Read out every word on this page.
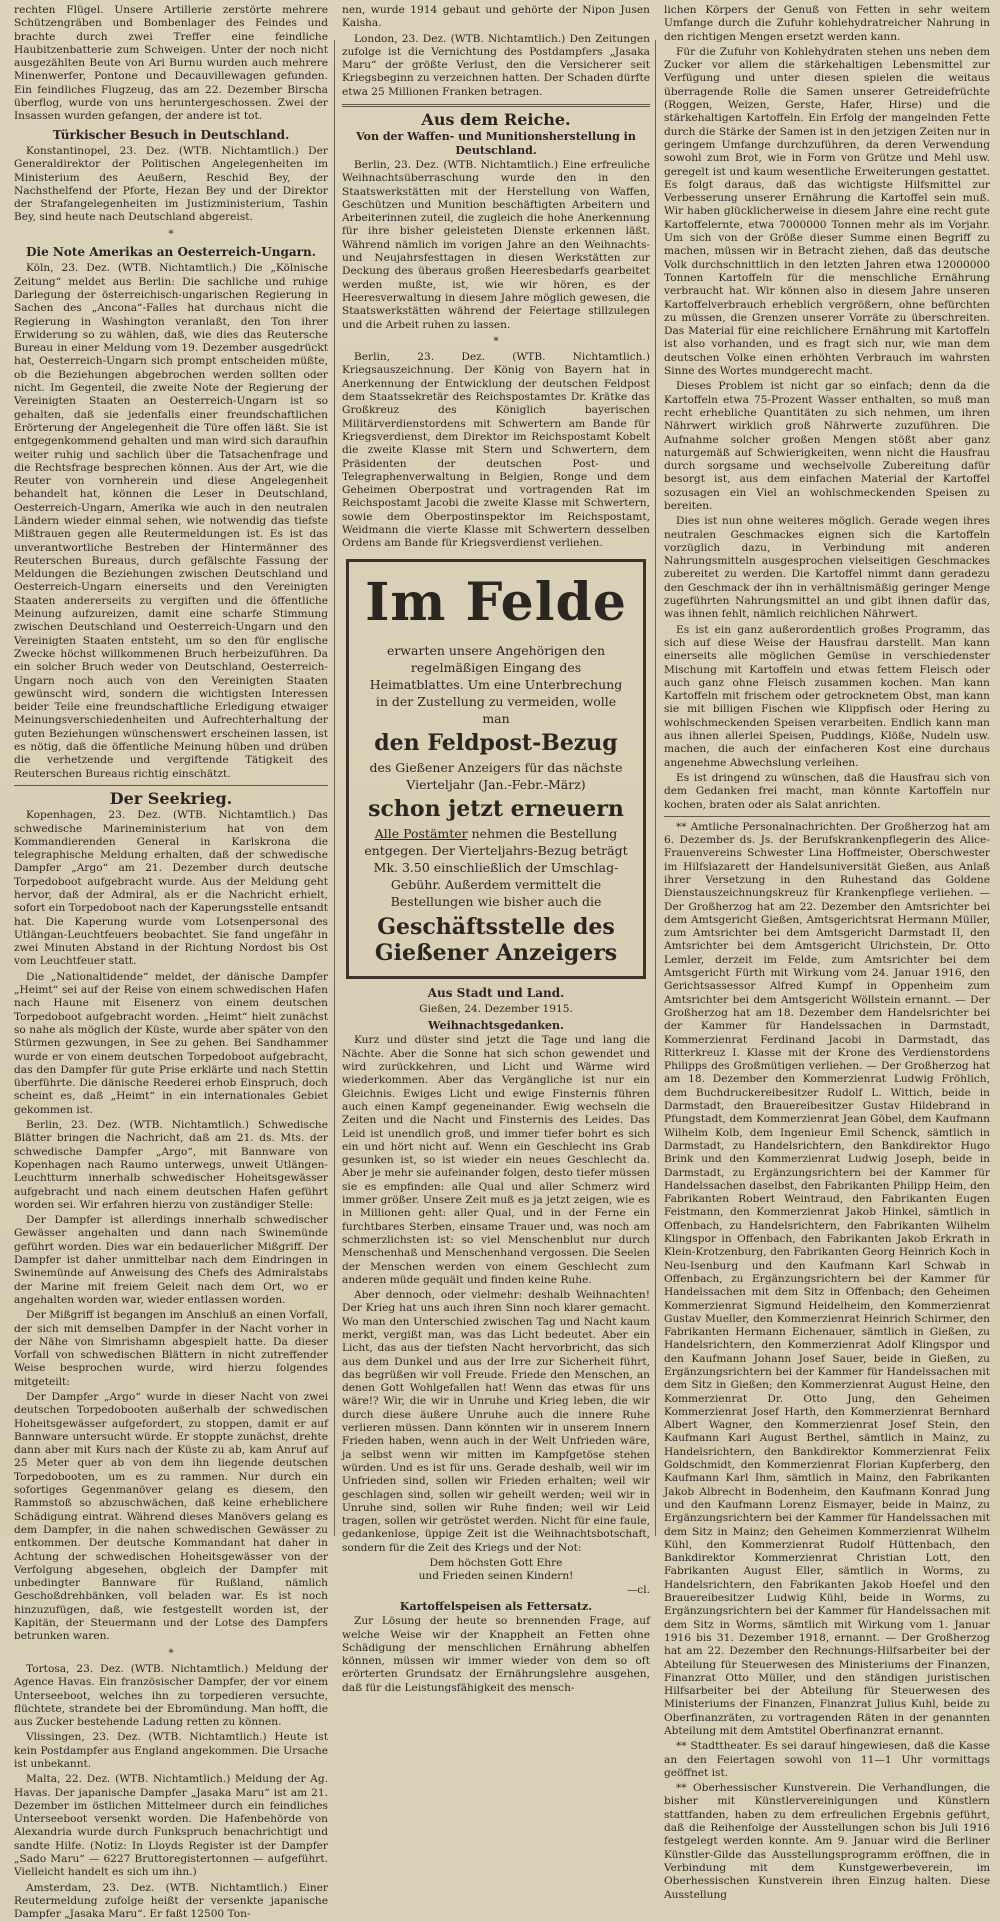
rechten Flügel. Unsere Artillerie zerstörte mehrere Schützengräben und Bombenlager des Feindes und brachte durch zwei Treffer eine feindliche Haubitzenbatterie zum Schweigen. Unter der noch nicht ausgezählten Beute von Ari Burnu wurden auch mehrere Minenwerfer, Pontone und Decauvillewagen gefunden. Ein feindliches Flugzeug, das am 22. Dezember Birscha überflog, wurde von uns heruntergeschossen. Zwei der Insassen wurden gefangen, der andere ist tot.

Türkischer Besuch in Deutschland.

Konstantinopel, 23. Dez. (WTB. Nichtamtlich.) Der Generaldirektor der Politischen Angelegenheiten im Ministerium des Aeußern, Reschid Bey, der Nachsthelfend der Pforte, Hezan Bey und der Direktor der Strafangelegenheiten im Justizministerium, Tashin Bey, sind heute nach Deutschland abgereist.

*
Die Note Amerikas an Oesterreich-Ungarn.

Köln, 23. Dez. (WTB. Nichtamtlich.) Die „Kölnische Zeitung“ meldet aus Berlin: Die sachliche und ruhige Darlegung der österreichisch-ungarischen Regierung in Sachen des „Ancona“-Falles hat durchaus nicht die Regierung in Washington veranlaßt, den Ton ihrer Erwiderung so zu wählen, daß, wie dies das Reutersche Bureau in einer Meldung vom 19. Dezember ausgedrückt hat, Oesterreich-Ungarn sich prompt entscheiden müßte, ob die Beziehungen abgebrochen werden sollten oder nicht. Im Gegenteil, die zweite Note der Regierung der Vereinigten Staaten an Oesterreich-Ungarn ist so gehalten, daß sie jedenfalls einer freundschaftlichen Erörterung der Angelegenheit die Türe offen läßt. Sie ist entgegenkommend gehalten und man wird sich daraufhin weiter ruhig und sachlich über die Tatsachenfrage und die Rechtsfrage besprechen können. Aus der Art, wie die Reuter von vornherein und diese Angelegenheit behandelt hat, können die Leser in Deutschland, Oesterreich-Ungarn, Amerika wie auch in den neutralen Ländern wieder einmal sehen, wie notwendig das tiefste Mißtrauen gegen alle Reutermeldungen ist. Es ist das unverantwortliche Bestreben der Hintermänner des Reuterschen Bureaus, durch gefälschte Fassung der Meldungen die Beziehungen zwischen Deutschland und Oesterreich-Ungarn einerseits und den Vereinigten Staaten andererseits zu vergiften und die öffentliche Meinung aufzureizen, damit eine scharfe Stimmung zwischen Deutschland und Oesterreich-Ungarn und den Vereinigten Staaten entsteht, um so den für englische Zwecke höchst willkommenen Bruch herbeizuführen. Da ein solcher Bruch weder von Deutschland, Oesterreich-Ungarn noch auch von den Vereinigten Staaten gewünscht wird, sondern die wichtigsten Interessen beider Teile eine freundschaftliche Erledigung etwaiger Meinungsverschiedenheiten und Aufrechterhaltung der guten Beziehungen wünschenswert erscheinen lassen, ist es nötig, daß die öffentliche Meinung hüben und drüben die verhetzende und vergiftende Tätigkeit des Reuterschen Bureaus richtig einschätzt.

Der Seekrieg.

Kopenhagen, 23. Dez. (WTB. Nichtamtlich.) Das schwedische Marineministerium hat von dem Kommandierenden General in Karlskrona die telegraphische Meldung erhalten, daß der schwedische Dampfer „Argo“ am 21. Dezember durch deutsche Torpedoboot aufgebracht wurde. Aus der Meldung geht hervor, daß der Admiral, als er die Nachricht erhielt, sofort ein Torpedoboot nach der Kaperungsstelle entsandt hat. Die Kaperung wurde vom Lotsenpersonal des Utlängan-Leuchtfeuers beobachtet. Sie fand ungefähr in zwei Minuten Abstand in der Richtung Nordost bis Ost vom Leuchtfeuer statt.

Die „Nationaltidende“ meldet, der dänische Dampfer „Heimt“ sei auf der Reise von einem schwedischen Hafen nach Haune mit Eisenerz von einem deutschen Torpedoboot aufgebracht worden. „Heimt“ hielt zunächst so nahe als möglich der Küste, wurde aber später von den Stürmen gezwungen, in See zu gehen. Bei Sandhammer wurde er von einem deutschen Torpedoboot aufgebracht, das den Dampfer für gute Prise erklärte und nach Stettin überführte. Die dänische Reederei erhob Einspruch, doch scheint es, daß „Heimt“ in ein internationales Gebiet gekommen ist.

Berlin, 23. Dez. (WTB. Nichtamtlich.) Schwedische Blätter bringen die Nachricht, daß am 21. ds. Mts. der schwedische Dampfer „Argo“, mit Bannware von Kopenhagen nach Raumo unterwegs, unweit Utlängen-Leuchtturm innerhalb schwedischer Hoheitsgewässer aufgebracht und nach einem deutschen Hafen geführt worden sei. Wir erfahren hierzu von zuständiger Stelle:

Der Dampfer ist allerdings innerhalb schwedischer Gewässer angehalten und dann nach Swinemünde geführt worden. Dies war ein bedauerlicher Mißgriff. Der Dampfer ist daher unmittelbar nach dem Eindringen in Swinemünde auf Anweisung des Chefs des Admiralstabs der Marine mit freiem Geleit nach dem Ort, wo er angehalten worden war, wieder entlassen worden.

Der Mißgriff ist begangen im Anschluß an einen Vorfall, der sich mit demselben Dampfer in der Nacht vorher in der Nähe von Simrishamn abgespielt hatte. Da dieser Vorfall von schwedischen Blättern in nicht zutreffender Weise besprochen wurde, wird hierzu folgendes mitgeteilt:

Der Dampfer „Argo“ wurde in dieser Nacht von zwei deutschen Torpedobooten außerhalb der schwedischen Hoheitsgewässer aufgefordert, zu stoppen, damit er auf Bannware untersucht würde. Er stoppte zunächst, drehte dann aber mit Kurs nach der Küste zu ab, kam Anruf auf 25 Meter quer ab von dem ihn liegende deutschen Torpedobooten, um es zu rammen. Nur durch ein sofortiges Gegenmanöver gelang es diesem, den Rammstoß so abzuschwächen, daß keine erheblichere Schädigung eintrat. Während dieses Manövers gelang es dem Dampfer, in die nahen schwedischen Gewässer zu entkommen. Der deutsche Kommandant hat daher in Achtung der schwedischen Hoheitsgewässer von der Verfolgung abgesehen, obgleich der Dampfer mit unbedingter Bannware für Rußland, nämlich Geschoßdrehbänken, voll beladen war. Es ist noch hinzuzufügen, daß, wie festgestellt worden ist, der Kapitän, der Steuermann und der Lotse des Dampfers betrunken waren.

*

Tortosa, 23. Dez. (WTB. Nichtamtlich.) Meldung der Agence Havas. Ein französischer Dampfer, der vor einem Unterseeboot, welches ihn zu torpedieren versuchte, flüchtete, strandete bei der Ebromündung. Man hofft, die aus Zucker bestehende Ladung retten zu können.

Vlissingen, 23. Dez. (WTB. Nichtamtlich.) Heute ist kein Postdampfer aus England angekommen. Die Ursache ist unbekannt.

Malta, 22. Dez. (WTB. Nichtamtlich.) Meldung der Ag. Havas. Der japanische Dampfer „Jasaka Maru“ ist am 21. Dezember im östlichen Mittelmeer durch ein feindliches Unterseeboot versenkt worden. Die Hafenbehörde von Alexandria wurde durch Funkspruch benachrichtigt und sandte Hilfe. (Notiz: In Lloyds Register ist der Dampfer „Sado Maru“ — 6227 Bruttoregistertonnen — aufgeführt. Vielleicht handelt es sich um ihn.)

Amsterdam, 23. Dez. (WTB. Nichtamtlich.) Einer Reutermeldung zufolge heißt der versenkte japanische Dampfer „Jasaka Maru“. Er faßt 12500 Ton-

nen, wurde 1914 gebaut und gehörte der Nipon Jusen Kaisha.

London, 23. Dez. (WTB. Nichtamtlich.) Den Zeitungen zufolge ist die Vernichtung des Postdampfers „Jasaka Maru“ der größte Verlust, den die Versicherer seit Kriegsbeginn zu verzeichnen hatten. Der Schaden dürfte etwa 25 Millionen Franken betragen.

Aus dem Reiche.
Von der Waffen- und Munitionsherstellung in Deutschland.

Berlin, 23. Dez. (WTB. Nichtamtlich.) Eine erfreuliche Weihnachtsüberraschung wurde den in den Staatswerkstätten mit der Herstellung von Waffen, Geschützen und Munition beschäftigten Arbeitern und Arbeiterinnen zuteil, die zugleich die hohe Anerkennung für ihre bisher geleisteten Dienste erkennen läßt. Während nämlich im vorigen Jahre an den Weihnachts- und Neujahrsfesttagen in diesen Werkstätten zur Deckung des überaus großen Heeresbedarfs gearbeitet werden mußte, ist, wie wir hören, es der Heeresverwaltung in diesem Jahre möglich gewesen, die Staatswerkstätten während der Feiertage stillzulegen und die Arbeit ruhen zu lassen.

*

Berlin, 23. Dez. (WTB. Nichtamtlich.) Kriegsauszeichnung. Der König von Bayern hat in Anerkennung der Entwicklung der deutschen Feldpost dem Staatssekretär des Reichspostamtes Dr. Krätke das Großkreuz des Königlich bayerischen Militärverdienstordens mit Schwertern am Bande für Kriegsverdienst, dem Direktor im Reichspostamt Kobelt die zweite Klasse mit Stern und Schwertern, dem Präsidenten der deutschen Post- und Telegraphenverwaltung in Belgien, Ronge und dem Geheimen Oberpostrat und vortragenden Rat im Reichspostamt Jacobi die zweite Klasse mit Schwertern, sowie dem Oberpostinspektor im Reichspostamt, Weidmann die vierte Klasse mit Schwertern desselben Ordens am Bande für Kriegsverdienst verliehen.

Im Felde
erwarten unsere Angehörigen den regelmäßigen Eingang des Heimatblattes. Um eine Unterbrechung in der Zustellung zu vermeiden, wolle man
den Feldpost-Bezug
des Gießener Anzeigers für das nächste Vierteljahr (Jan.-Febr.-März)
schon jetzt erneuern
Alle Postämter nehmen die Bestellung entgegen. Der Vierteljahrs-Bezug beträgt Mk. 3.50 einschließlich der Umschlag-Gebühr. Außerdem vermittelt die Bestellungen wie bisher auch die
Geschäftsstelle des Gießener Anzeigers
Aus Stadt und Land.
Gießen, 24. Dezember 1915.
Weihnachtsgedanken.

Kurz und düster sind jetzt die Tage und lang die Nächte. Aber die Sonne hat sich schon gewendet und wird zurückkehren, und Licht und Wärme wird wiederkommen. Aber das Vergängliche ist nur ein Gleichnis. Ewiges Licht und ewige Finsternis führen auch einen Kampf gegeneinander. Ewig wechseln die Zeiten und die Nacht und Finsternis des Leides. Das Leid ist unendlich groß, und immer tiefer bohrt es sich ein und hört nicht auf. Wenn ein Geschlecht ins Grab gesunken ist, so ist wieder ein neues Geschlecht da. Aber je mehr sie aufeinander folgen, desto tiefer müssen sie es empfinden: alle Qual und aller Schmerz wird immer größer. Unsere Zeit muß es ja jetzt zeigen, wie es in Millionen geht: aller Qual, und in der Ferne ein furchtbares Sterben, einsame Trauer und, was noch am schmerzlichsten ist: so viel Menschenblut nur durch Menschenhaß und Menschenhand vergossen. Die Seelen der Menschen werden von einem Geschlecht zum anderen müde gequält und finden keine Ruhe.

Aber dennoch, oder vielmehr: deshalb Weihnachten! Der Krieg hat uns auch ihren Sinn noch klarer gemacht. Wo man den Unterschied zwischen Tag und Nacht kaum merkt, vergißt man, was das Licht bedeutet. Aber ein Licht, das aus der tiefsten Nacht hervorbricht, das sich aus dem Dunkel und aus der Irre zur Sicherheit führt, das begrüßen wir voll Freude. Friede den Menschen, an denen Gott Wohlgefallen hat! Wenn das etwas für uns wäre!? Wir, die wir in Unruhe und Krieg leben, die wir durch diese äußere Unruhe auch die innere Ruhe verlieren müssen. Dann könnten wir in unserem Innern Frieden haben, wenn auch in der Welt Unfrieden wäre, ja selbst wenn wir mitten im Kampfgetöse stehen würden. Und es ist für uns. Gerade deshalb, weil wir im Unfrieden sind, sollen wir Frieden erhalten; weil wir geschlagen sind, sollen wir geheilt werden; weil wir in Unruhe sind, sollen wir Ruhe finden; weil wir Leid tragen, sollen wir getröstet werden. Nicht für eine faule, gedankenlose, üppige Zeit ist die Weihnachtsbotschaft, sondern für die Zeit des Kriegs und der Not:

Dem höchsten Gott Ehre
und Frieden seinen Kindern!
—cl.
Kartoffelspeisen als Fettersatz.

Zur Lösung der heute so brennenden Frage, auf welche Weise wir der Knappheit an Fetten ohne Schädigung der menschlichen Ernährung abhelfen können, müssen wir immer wieder von dem so oft erörterten Grundsatz der Ernährungslehre ausgehen, daß für die Leistungsfähigkeit des mensch-

lichen Körpers der Genuß von Fetten in sehr weitem Umfange durch die Zufuhr kohlehydratreicher Nahrung in den richtigen Mengen ersetzt werden kann.

Für die Zufuhr von Kohlehydraten stehen uns neben dem Zucker vor allem die stärkehaltigen Lebensmittel zur Verfügung und unter diesen spielen die weitaus überragende Rolle die Samen unserer Getreidefrüchte (Roggen, Weizen, Gerste, Hafer, Hirse) und die stärkehaltigen Kartoffeln. Ein Erfolg der mangelnden Fette durch die Stärke der Samen ist in den jetzigen Zeiten nur in geringem Umfange durchzuführen, da deren Verwendung sowohl zum Brot, wie in Form von Grütze und Mehl usw. geregelt ist und kaum wesentliche Erweiterungen gestattet. Es folgt daraus, daß das wichtigste Hilfsmittel zur Verbesserung unserer Ernährung die Kartoffel sein muß. Wir haben glücklicherweise in diesem Jahre eine recht gute Kartoffelernte, etwa 7000000 Tonnen mehr als im Vorjahr. Um sich von der Größe dieser Summe einen Begriff zu machen, müssen wir in Betracht ziehen, daß das deutsche Volk durchschnittlich in den letzten Jahren etwa 12000000 Tonnen Kartoffeln für die menschliche Ernährung verbraucht hat. Wir können also in diesem Jahre unseren Kartoffelverbrauch erheblich vergrößern, ohne befürchten zu müssen, die Grenzen unserer Vorräte zu überschreiten. Das Material für eine reichlichere Ernährung mit Kartoffeln ist also vorhanden, und es fragt sich nur, wie man dem deutschen Volke einen erhöhten Verbrauch im wahrsten Sinne des Wortes mundgerecht macht.

Dieses Problem ist nicht gar so einfach; denn da die Kartoffeln etwa 75-Prozent Wasser enthalten, so muß man recht erhebliche Quantitäten zu sich nehmen, um ihren Nährwert wirklich groß Nährwerte zuzuführen. Die Aufnahme solcher großen Mengen stößt aber ganz naturgemäß auf Schwierigkeiten, wenn nicht die Hausfrau durch sorgsame und wechselvolle Zubereitung dafür besorgt ist, aus dem einfachen Material der Kartoffel sozusagen ein Viel an wohlschmeckenden Speisen zu bereiten.

Dies ist nun ohne weiteres möglich. Gerade wegen ihres neutralen Geschmackes eignen sich die Kartoffeln vorzüglich dazu, in Verbindung mit anderen Nahrungsmitteln ausgesprochen vielseitigen Geschmackes zubereitet zu werden. Die Kartoffel nimmt dann geradezu den Geschmack der ihn in verhältnismäßig geringer Menge zugeführten Nahrungsmittel an und gibt ihnen dafür das, was ihnen fehlt, nämlich reichlichen Nährwert.

Es ist ein ganz außerordentlich großes Programm, das sich auf diese Weise der Hausfrau darstellt. Man kann einerseits alle möglichen Gemüse in verschiedenster Mischung mit Kartoffeln und etwas fettem Fleisch oder auch ganz ohne Fleisch zusammen kochen. Man kann Kartoffeln mit frischem oder getrocknetem Obst, man kann sie mit billigen Fischen wie Klippfisch oder Hering zu wohlschmeckenden Speisen verarbeiten. Endlich kann man aus ihnen allerlei Speisen, Puddings, Klöße, Nudeln usw. machen, die auch der einfacheren Kost eine durchaus angenehme Abwechslung verleihen.

Es ist dringend zu wünschen, daß die Hausfrau sich von dem Gedanken frei macht, man könnte Kartoffeln nur kochen, braten oder als Salat anrichten.

** Amtliche Personalnachrichten. Der Großherzog hat am 6. Dezember ds. Js. der Berufskrankenpflegerin des Alice-Frauenvereins Schwester Lina Hoffmeister, Oberschwester im Hilfslazarett der Handelsuniversität Gießen, aus Anlaß ihrer Versetzung in den Ruhestand das Goldene Dienstauszeichnungskreuz für Krankenpflege verliehen. — Der Großherzog hat am 22. Dezember den Amtsrichter bei dem Amtsgericht Gießen, Amtsgerichtsrat Hermann Müller, zum Amtsrichter bei dem Amtsgericht Darmstadt II, den Amtsrichter bei dem Amtsgericht Ulrichstein, Dr. Otto Lemler, derzeit im Felde, zum Amtsrichter bei dem Amtsgericht Fürth mit Wirkung vom 24. Januar 1916, den Gerichtsassessor Alfred Kumpf in Oppenheim zum Amtsrichter bei dem Amtsgericht Wöllstein ernannt. — Der Großherzog hat am 18. Dezember dem Handelsrichter bei der Kammer für Handelssachen in Darmstadt, Kommerzienrat Ferdinand Jacobi in Darmstadt, das Ritterkreuz I. Klasse mit der Krone des Verdienstordens Philipps des Großmütigen verliehen. — Der Großherzog hat am 18. Dezember den Kommerzienrat Ludwig Fröhlich, dem Buchdruckereibesitzer Rudolf L. Wittich, beide in Darmstadt, den Brauereibesitzer Gustav Hildebrand in Pfungstadt, dem Kommerzienrat Jean Göbel, dem Kaufmann Wilhelm Kolb, dem Ingenieur Emil Schenck, sämtlich in Darmstadt, zu Handelsrichtern, den Bankdirektor Hugo Brink und den Kommerzienrat Ludwig Joseph, beide in Darmstadt, zu Ergänzungsrichtern bei der Kammer für Handelssachen daselbst, den Fabrikanten Philipp Heim, den Fabrikanten Robert Weintraud, den Fabrikanten Eugen Feistmann, den Kommerzienrat Jakob Hinkel, sämtlich in Offenbach, zu Handelsrichtern, den Fabrikanten Wilhelm Klingspor in Offenbach, den Fabrikanten Jakob Erkrath in Klein-Krotzenburg, den Fabrikanten Georg Heinrich Koch in Neu-Isenburg und den Kaufmann Karl Schwab in Offenbach, zu Ergänzungsrichtern bei der Kammer für Handelssachen mit dem Sitz in Offenbach; den Geheimen Kommerzienrat Sigmund Heidelheim, den Kommerzienrat Gustav Mueller, den Kommerzienrat Heinrich Schirmer, den Fabrikanten Hermann Eichenauer, sämtlich in Gießen, zu Handelsrichtern, den Kommerzienrat Adolf Klingspor und den Kaufmann Johann Josef Sauer, beide in Gießen, zu Ergänzungsrichtern bei der Kammer für Handelssachen mit dem Sitz in Gießen; den Kommerzienrat August Heine, den Kommerzienrat Dr. Otto Jung, den Geheimen Kommerzienrat Josef Harth, den Kommerzienrat Bernhard Albert Wagner, den Kommerzienrat Josef Stein, den Kaufmann Karl August Berthel, sämtlich in Mainz, zu Handelsrichtern, den Bankdirektor Kommerzienrat Felix Goldschmidt, den Kommerzienrat Florian Kupferberg, den Kaufmann Karl Ihm, sämtlich in Mainz, den Fabrikanten Jakob Albrecht in Bodenheim, den Kaufmann Konrad Jung und den Kaufmann Lorenz Eismayer, beide in Mainz, zu Ergänzungsrichtern bei der Kammer für Handelssachen mit dem Sitz in Mainz; den Geheimen Kommerzienrat Wilhelm Kühl, den Kommerzienrat Rudolf Hüttenbach, den Bankdirektor Kommerzienrat Christian Lott, den Fabrikanten August Eller, sämtlich in Worms, zu Handelsrichtern, den Fabrikanten Jakob Hoefel und den Brauereibesitzer Ludwig Kühl, beide in Worms, zu Ergänzungsrichtern bei der Kammer für Handelssachen mit dem Sitz in Worms, sämtlich mit Wirkung vom 1. Januar 1916 bis 31. Dezember 1918, ernannt. — Der Großherzog hat am 22. Dezember den Rechnungs-Hilfsarbeiter bei der Abteilung für Steuerwesen des Ministeriums der Finanzen, Finanzrat Otto Müller, und den ständigen juristischen Hilfsarbeiter bei der Abteilung für Steuerwesen des Ministeriums der Finanzen, Finanzrat Julius Kuhl, beide zu Oberfinanzräten, zu vortragenden Räten in der genannten Abteilung mit dem Amtstitel Oberfinanzrat ernannt.

** Stadttheater. Es sei darauf hingewiesen, daß die Kasse an den Feiertagen sowohl von 11—1 Uhr vormittags geöffnet ist.

** Oberhessischer Kunstverein. Die Verhandlungen, die bisher mit Künstlervereinigungen und Künstlern stattfanden, haben zu dem erfreulichen Ergebnis geführt, daß die Reihenfolge der Ausstellungen schon bis Juli 1916 festgelegt werden konnte. Am 9. Januar wird die Berliner Künstler-Gilde das Ausstellungsprogramm eröffnen, die in Verbindung mit dem Kunstgewerbeverein, im Oberhessischen Kunstverein ihren Einzug halten. Diese Ausstellung
